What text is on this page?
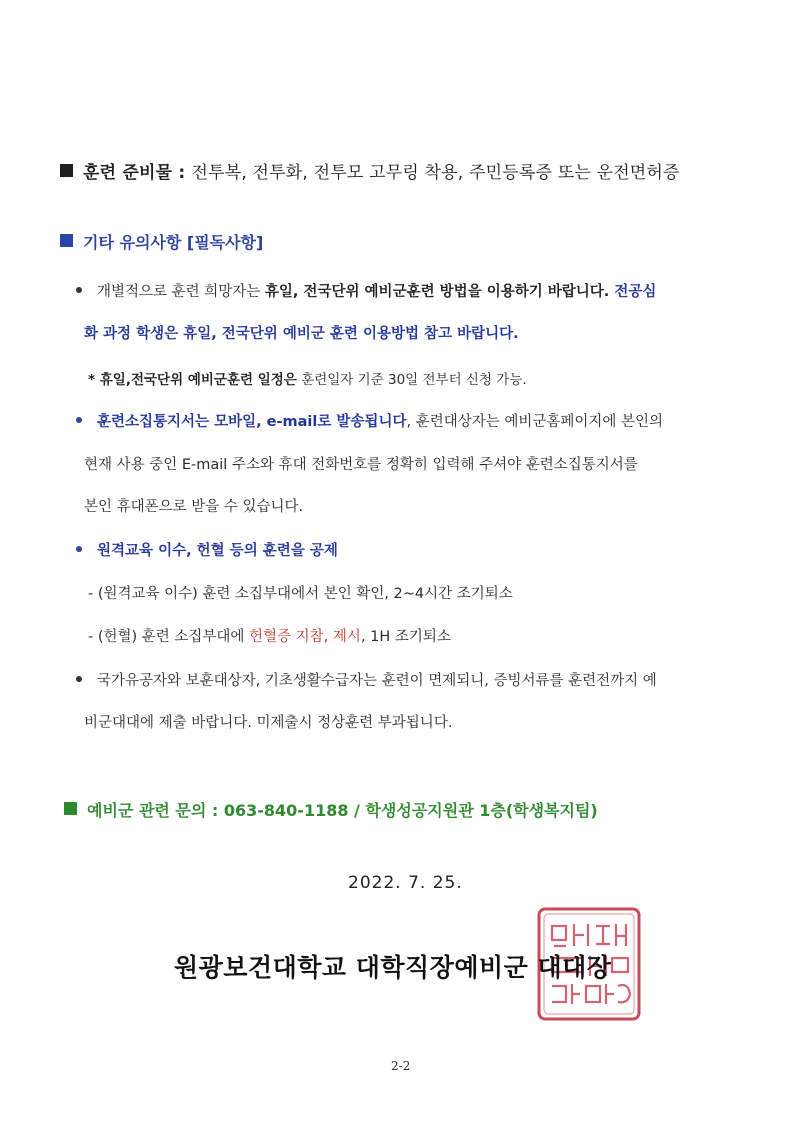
훈련 준비물 : 전투복, 전투화, 전투모 고무링 착용, 주민등록증 또는 운전면허증
기타 유의사항 [필독사항]
개별적으로 훈련 희망자는 휴일, 전국단위 예비군훈련 방법을 이용하기 바랍니다. 전공심
화 과정 학생은 휴일, 전국단위 예비군 훈련 이용방법 참고 바랍니다.
* 휴일,전국단위 예비군훈련 일정은 훈련일자 기준 30일 전부터 신청 가능.
훈련소집통지서는 모바일, e-mail로 발송됩니다, 훈련대상자는 예비군홈페이지에 본인의
현재 사용 중인 E-mail 주소와 휴대 전화번호를 정확히 입력해 주셔야 훈련소집통지서를
본인 휴대폰으로 받을 수 있습니다.
원격교육 이수, 헌혈 등의 훈련을 공제
- (원격교육 이수) 훈련 소집부대에서 본인 확인, 2~4시간 조기퇴소
- (헌혈) 훈련 소집부대에 헌혈증 지참, 제시, 1H 조기퇴소
국가유공자와 보훈대상자, 기초생활수급자는 훈련이 면제되니, 증빙서류를 훈련전까지 예
비군대대에 제출 바랍니다. 미제출시 정상훈련 부과됩니다.
예비군 관련 문의 : 063-840-1188 / 학생성공지원관 1층(학생복지팀)
2022. 7. 25.
원광보건대학교 대학직장예비군 대대장
2-2
